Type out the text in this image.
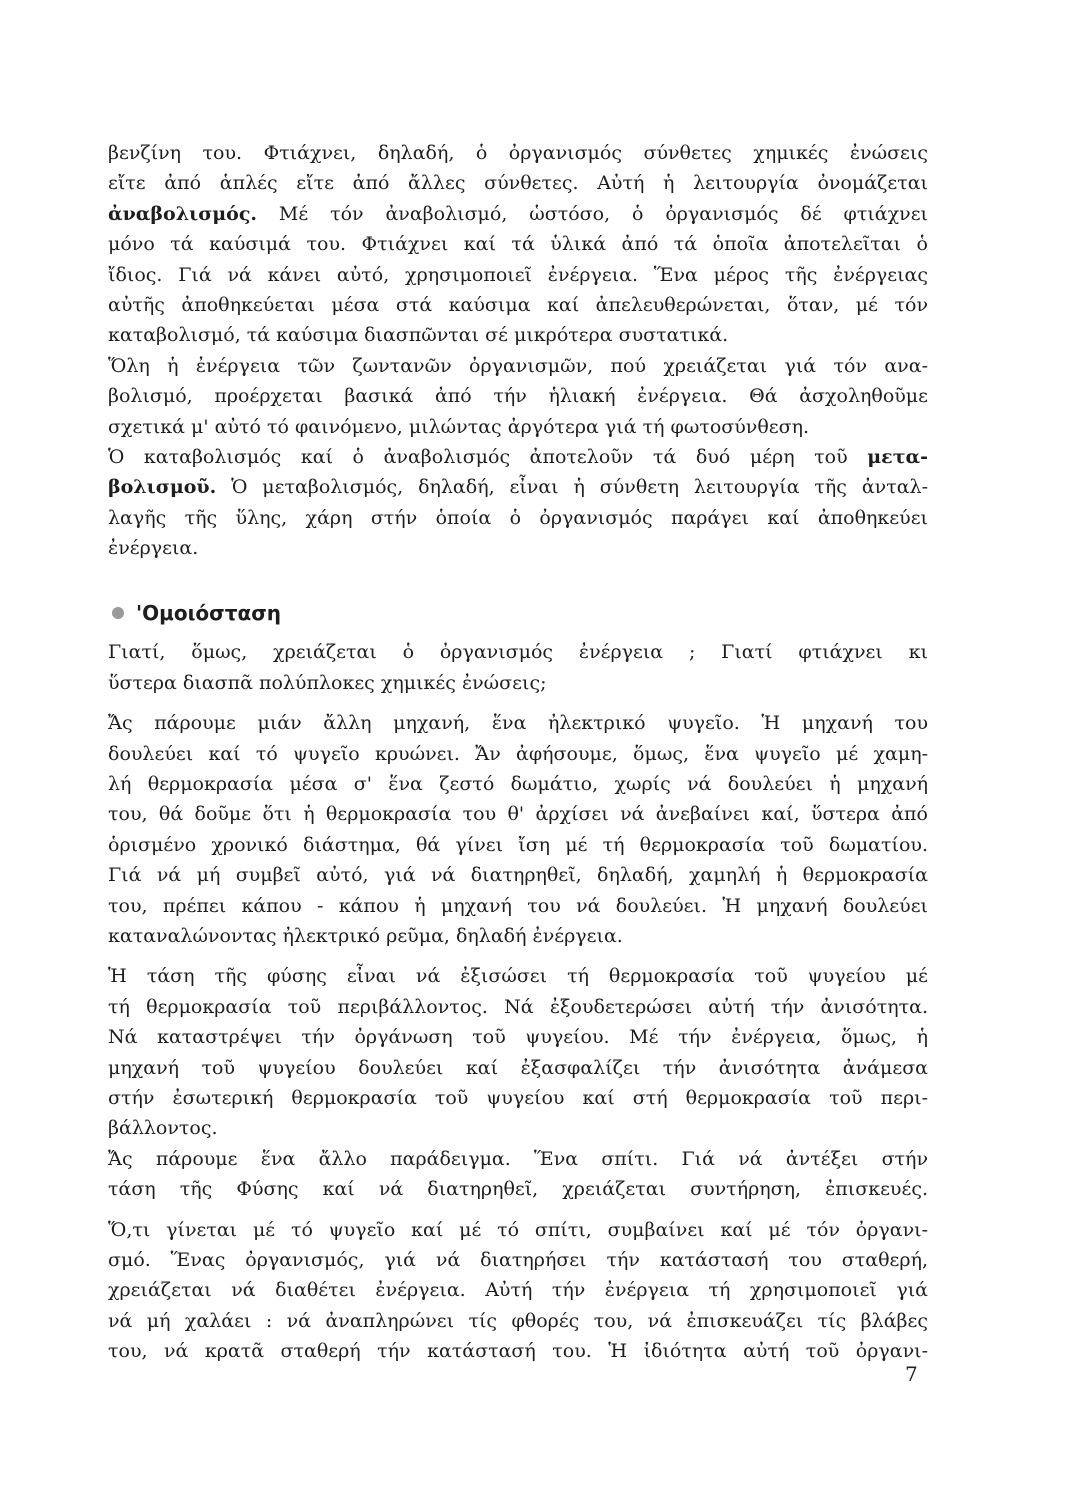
βενζίνη του. Φτιάχνει, δηλαδή, ὁ ὀργανισμός σύνθετες χημικές ἐνώσεις
εἴτε ἀπό ἁπλές εἴτε ἀπό ἄλλες σύνθετες. Αὐτή ἡ λειτουργία ὀνομάζεται
ἀναβολισμός. Μέ τόν ἀναβολισμό, ὡστόσο, ὁ ὀργανισμός δέ φτιάχνει
μόνο τά καύσιμά του. Φτιάχνει καί τά ὑλικά ἀπό τά ὁποῖα ἀποτελεῖται ὁ
ἴδιος. Γιά νά κάνει αὐτό, χρησιμοποιεῖ ἐνέργεια. Ἕνα μέρος τῆς ἐνέργειας
αὐτῆς ἀποθηκεύεται μέσα στά καύσιμα καί ἀπελευθερώνεται, ὅταν, μέ τόν
καταβολισμό, τά καύσιμα διασπῶνται σέ μικρότερα συστατικά.
Ὅλη ἡ ἐνέργεια τῶν ζωντανῶν ὀργανισμῶν, πού χρειάζεται γιά τόν ανα-
βολισμό, προέρχεται βασικά ἀπό τήν ἡλιακή ἐνέργεια. Θά ἀσχοληθοῦμε
σχετικά μ' αὐτό τό φαινόμενο, μιλώντας ἀργότερα γιά τή φωτοσύνθεση.
Ὁ καταβολισμός καί ὁ ἀναβολισμός ἀποτελοῦν τά δυό μέρη τοῦ μετα-
βολισμοῦ. Ὁ μεταβολισμός, δηλαδή, εἶναι ἡ σύνθετη λειτουργία τῆς ἀνταλ-
λαγῆς τῆς ὕλης, χάρη στήν ὁποία ὁ ὀργανισμός παράγει καί ἀποθηκεύει
ἐνέργεια.
'Ομοιόσταση
Γιατί, ὅμως, χρειάζεται ὁ ὀργανισμός ἐνέργεια ; Γιατί φτιάχνει κι
ὕστερα διασπᾶ πολύπλοκες χημικές ἐνώσεις;
Ἄς πάρουμε μιάν ἄλλη μηχανή, ἕνα ἠλεκτρικό ψυγεῖο. Ἡ μηχανή του
δουλεύει καί τό ψυγεῖο κρυώνει. Ἄν ἀφήσουμε, ὅμως, ἕνα ψυγεῖο μέ χαμη-
λή θερμοκρασία μέσα σ' ἕνα ζεστό δωμάτιο, χωρίς νά δουλεύει ἡ μηχανή
του, θά δοῦμε ὅτι ἡ θερμοκρασία του θ' ἀρχίσει νά ἀνεβαίνει καί, ὕστερα ἀπό
ὁρισμένο χρονικό διάστημα, θά γίνει ἴση μέ τή θερμοκρασία τοῦ δωματίου.
Γιά νά μή συμβεῖ αὐτό, γιά νά διατηρηθεῖ, δηλαδή, χαμηλή ἡ θερμοκρασία
του, πρέπει κάπου - κάπου ἡ μηχανή του νά δουλεύει. Ἡ μηχανή δουλεύει
καταναλώνοντας ἠλεκτρικό ρεῦμα, δηλαδή ἐνέργεια.
Ἡ τάση τῆς φύσης εἶναι νά ἐξισώσει τή θερμοκρασία τοῦ ψυγείου μέ
τή θερμοκρασία τοῦ περιβάλλοντος. Νά ἐξουδετερώσει αὐτή τήν ἀνισότητα.
Νά καταστρέψει τήν ὀργάνωση τοῦ ψυγείου. Μέ τήν ἐνέργεια, ὅμως, ἡ
μηχανή τοῦ ψυγείου δουλεύει καί ἐξασφαλίζει τήν ἀνισότητα ἀνάμεσα
στήν ἐσωτερική θερμοκρασία τοῦ ψυγείου καί στή θερμοκρασία τοῦ περι-
βάλλοντος.
Ἄς πάρουμε ἕνα ἄλλο παράδειγμα. Ἕνα σπίτι. Γιά νά ἀντέξει στήν
τάση τῆς Φύσης καί νά διατηρηθεῖ, χρειάζεται συντήρηση, ἐπισκευές.
Ὅ,τι γίνεται μέ τό ψυγεῖο καί μέ τό σπίτι, συμβαίνει καί μέ τόν ὀργανι-
σμό. Ἕνας ὀργανισμός, γιά νά διατηρήσει τήν κατάστασή του σταθερή,
χρειάζεται νά διαθέτει ἐνέργεια. Αὐτή τήν ἐνέργεια τή χρησιμοποιεῖ γιά
νά μή χαλάει : νά ἀναπληρώνει τίς φθορές του, νά ἐπισκευάζει τίς βλάβες
του, νά κρατᾶ σταθερή τήν κατάστασή του. Ἡ ἰδιότητα αὐτή τοῦ ὀργανι-
7
